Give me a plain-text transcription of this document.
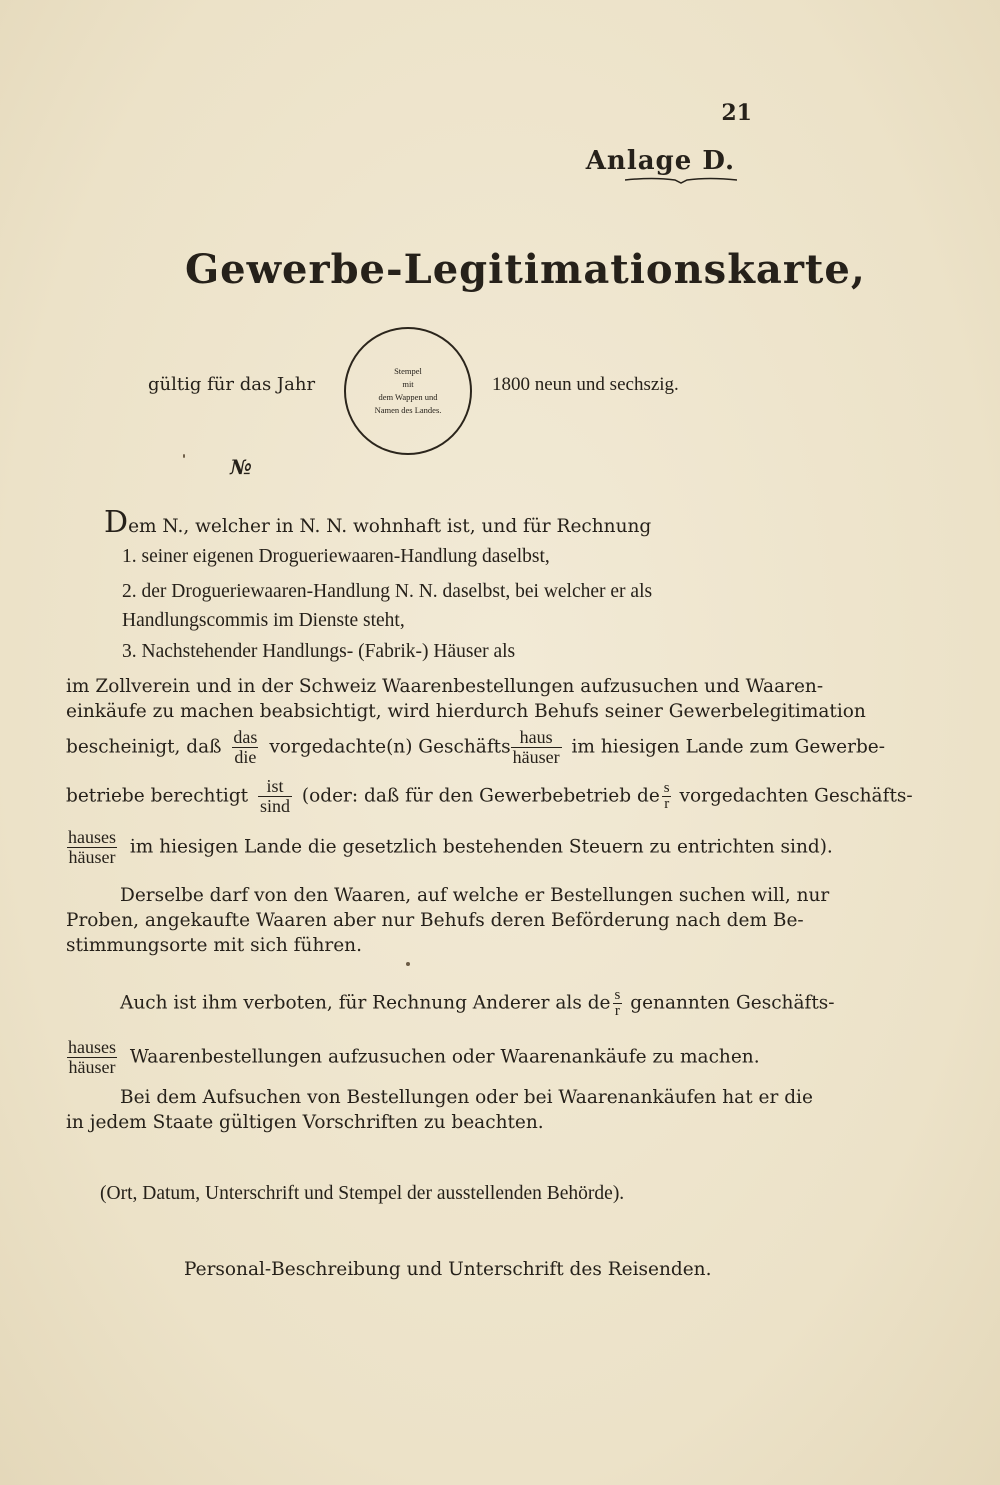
21
Anlage D.
Gewerbe-Legitimationskarte,
gültig für das Jahr
Stempel
mit
dem Wappen und
Namen des Landes.
1800 neun und sechszig.
№
Dem N., welcher in N. N. wohnhaft ist, und für Rechnung
1. seiner eigenen Drogueriewaaren-Handlung daselbst,
2. der Drogueriewaaren-Handlung N. N. daselbst, bei welcher er als
Handlungscommis im Dienste steht,
3. Nachstehender Handlungs- (Fabrik-) Häuser als
im Zollverein und in der Schweiz Waarenbestellungen aufzusuchen und Waaren-
einkäufe zu machen beabsichtigt, wird hierdurch Behufs seiner Gewerbelegitimation
bescheinigt, daß $\frac{\text{das}}{\text{die}}$ vorgedachte(n) Geschäfts $\frac{\text{haus}}{\text{häuser}}$ im hiesigen Lande zum Gewerbe-
betriebe berechtigt $\frac{\text{ist}}{\sin d}$ (oder: daß für den Gewerbebetrieb de $\frac{s}{r}$ vorgedachten Geschäfts-
$\frac{\text{hauses}}{\text{häuser}}$ im hiesigen Lande die gesetzlich bestehenden Steuern zu entrichten sind).
Derselbe darf von den Waaren, auf welche er Bestellungen suchen will, nur
Proben, angekaufte Waaren aber nur Behufs deren Beförderung nach dem Be-
stimmungsorte mit sich führen.
Auch ist ihm verboten, für Rechnung Anderer als de $\frac{s}{r}$ genannten Geschäfts-
$\frac{\text{hauses}}{\text{häuser}}$ Waarenbestellungen aufzusuchen oder Waarenankäufe zu machen.
Bei dem Aufsuchen von Bestellungen oder bei Waarenankäufen hat er die
in jedem Staate gültigen Vorschriften zu beachten.
(Ort, Datum, Unterschrift und Stempel der ausstellenden Behörde).
Personal-Beschreibung und Unterschrift des Reisenden.
